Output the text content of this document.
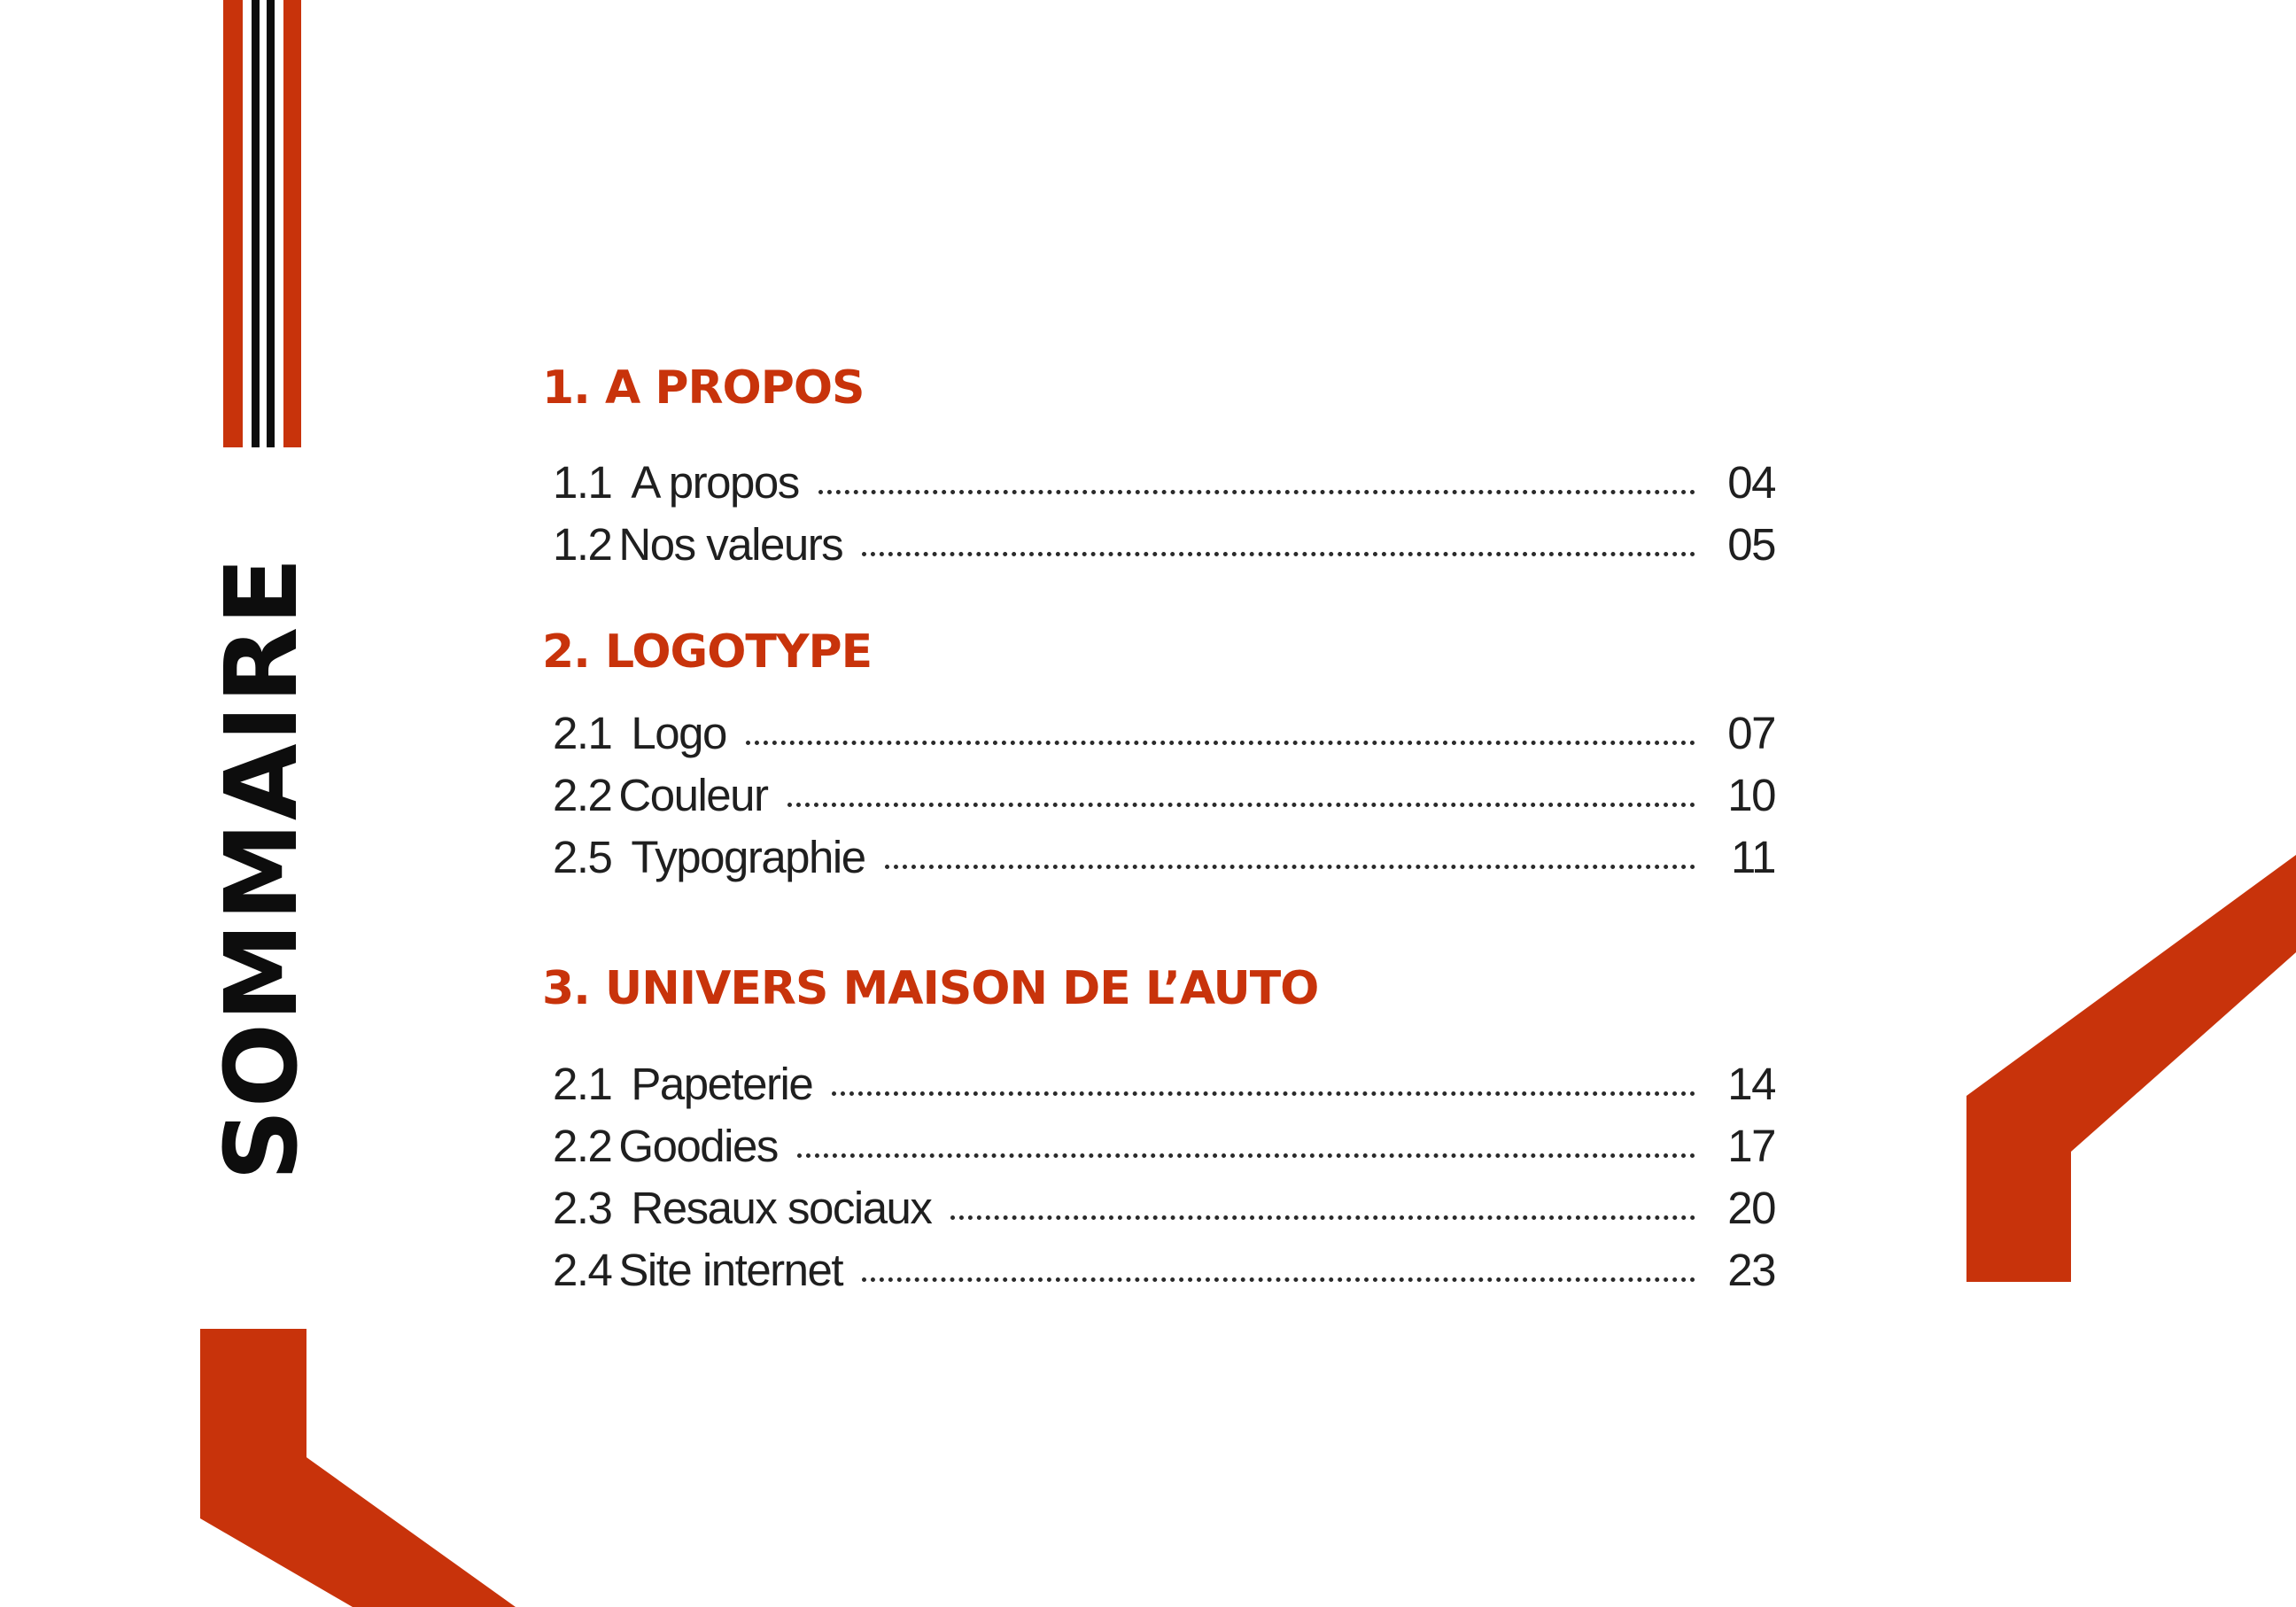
SOMMAIRE
1. A PROPOS
1.1 A propos	04
1.2 Nos valeurs	05
2. LOGOTYPE
2.1 Logo	07
2.2 Couleur	10
2.5 Typographie	11
3. UNIVERS MAISON DE L’AUTO
2.1 Papeterie	14
2.2 Goodies	17
2.3 Resaux sociaux	20
2.4 Site internet	23
